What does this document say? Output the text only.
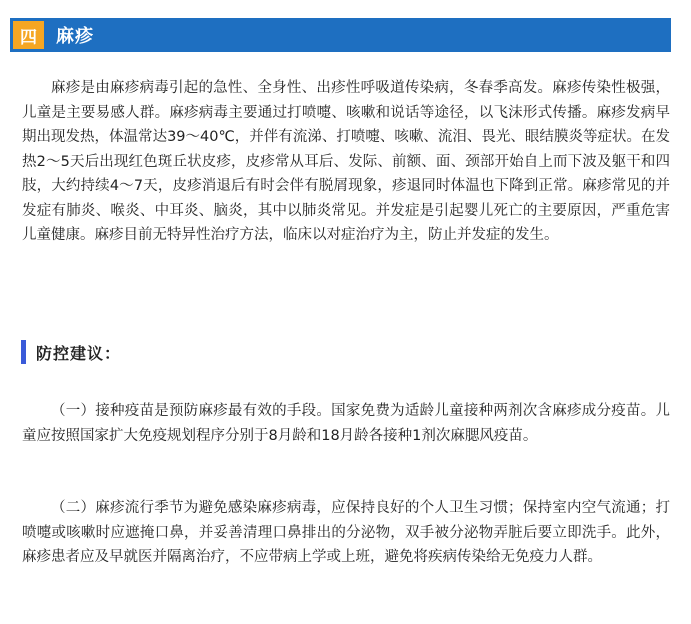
四	麻疹

麻疹是由麻疹病毒引起的急性、全身性、出疹性呼吸道传染病，冬春季高发。麻疹传染性极强，儿童是主要易感人群。麻疹病毒主要通过打喷嚏、咳嗽和说话等途径，以飞沫形式传播。麻疹发病早期出现发热，体温常达39～40℃，并伴有流涕、打喷嚏、咳嗽、流泪、畏光、眼结膜炎等症状。在发热2～5天后出现红色斑丘状皮疹，皮疹常从耳后、发际、前额、面、颈部开始自上而下波及躯干和四肢，大约持续4～7天，皮疹消退后有时会伴有脱屑现象，疹退同时体温也下降到正常。麻疹常见的并发症有肺炎、喉炎、中耳炎、脑炎，其中以肺炎常见。并发症是引起婴儿死亡的主要原因，严重危害儿童健康。麻疹目前无特异性治疗方法，临床以对症治疗为主，防止并发症的发生。

防控建议：

（一）接种疫苗是预防麻疹最有效的手段。国家免费为适龄儿童接种两剂次含麻疹成分疫苗。儿童应按照国家扩大免疫规划程序分别于8月龄和18月龄各接种1剂次麻腮风疫苗。

（二）麻疹流行季节为避免感染麻疹病毒，应保持良好的个人卫生习惯；保持室内空气流通；打喷嚏或咳嗽时应遮掩口鼻，并妥善清理口鼻排出的分泌物，双手被分泌物弄脏后要立即洗手。此外，麻疹患者应及早就医并隔离治疗，不应带病上学或上班，避免将疾病传染给无免疫力人群。
